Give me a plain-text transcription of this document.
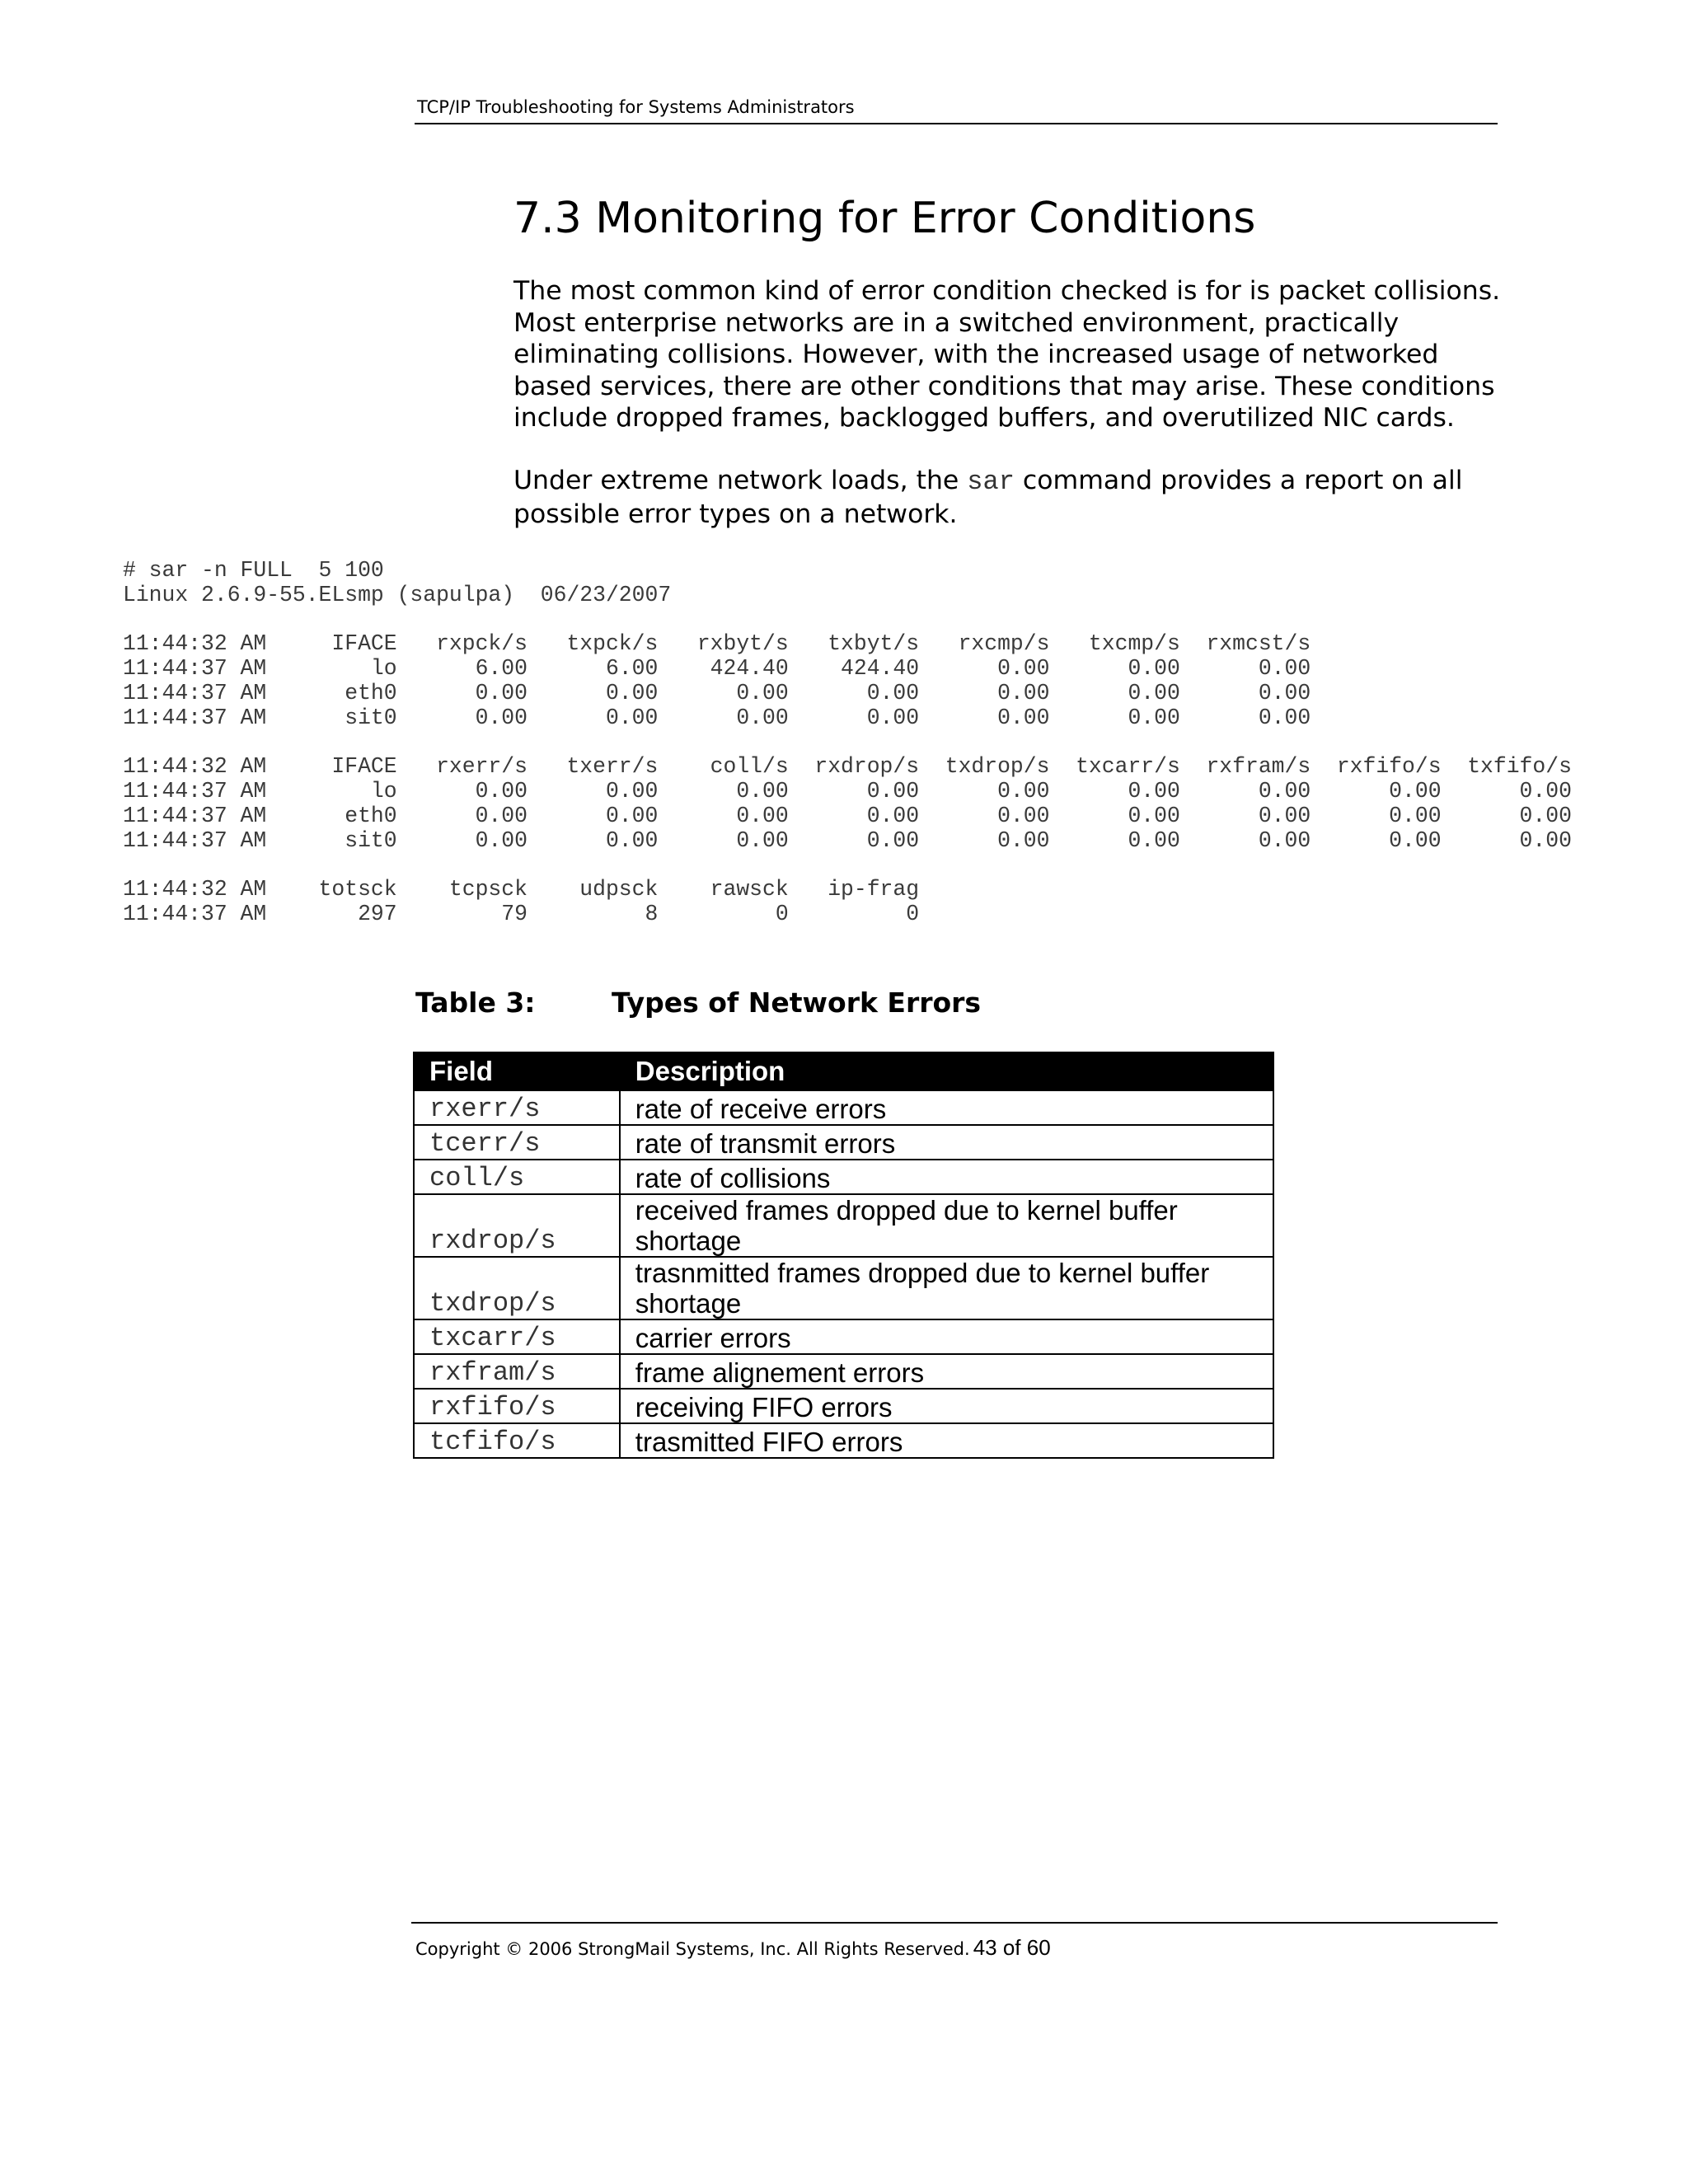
TCP/IP Troubleshooting for Systems Administrators
7.3 Monitoring for Error Conditions

The most common kind of error condition checked is for is packet collisions. Most enterprise networks are in a switched environment, practically eliminating collisions. However, with the increased usage of networked based services, there are other conditions that may arise. These conditions include dropped frames, backlogged buffers, and overutilized NIC cards.

Under extreme network loads, the sar command provides a report on all possible error types on a network.

# sar -n FULL  5 100
Linux 2.6.9-55.ELsmp (sapulpa)  06/23/2007
11:44:32 AM     IFACE   rxpck/s   txpck/s   rxbyt/s   txbyt/s   rxcmp/s   txcmp/s  rxmcst/s
11:44:37 AM        lo      6.00      6.00    424.40    424.40      0.00      0.00      0.00
11:44:37 AM      eth0      0.00      0.00      0.00      0.00      0.00      0.00      0.00
11:44:37 AM      sit0      0.00      0.00      0.00      0.00      0.00      0.00      0.00
11:44:32 AM     IFACE   rxerr/s   txerr/s    coll/s  rxdrop/s  txdrop/s  txcarr/s  rxfram/s  rxfifo/s  txfifo/s
11:44:37 AM        lo      0.00      0.00      0.00      0.00      0.00      0.00      0.00      0.00      0.00
11:44:37 AM      eth0      0.00      0.00      0.00      0.00      0.00      0.00      0.00      0.00      0.00
11:44:37 AM      sit0      0.00      0.00      0.00      0.00      0.00      0.00      0.00      0.00      0.00
11:44:32 AM    totsck    tcpsck    udpsck    rawsck   ip-frag
11:44:37 AM       297        79         8         0         0
Table 3:	Types of Network Errors
Field	Description
rxerr/s	rate of receive errors
tcerr/s	rate of transmit errors
coll/s	rate of collisions
rxdrop/s	received frames dropped due to kernel buffer shortage
txdrop/s	trasnmitted frames dropped due to kernel buffer shortage
txcarr/s	carrier errors
rxfram/s	frame alignement errors
rxfifo/s	receiving FIFO errors
tcfifo/s	trasmitted FIFO errors
Copyright © 2006 StrongMail Systems, Inc. All Rights Reserved. 43 of 60
